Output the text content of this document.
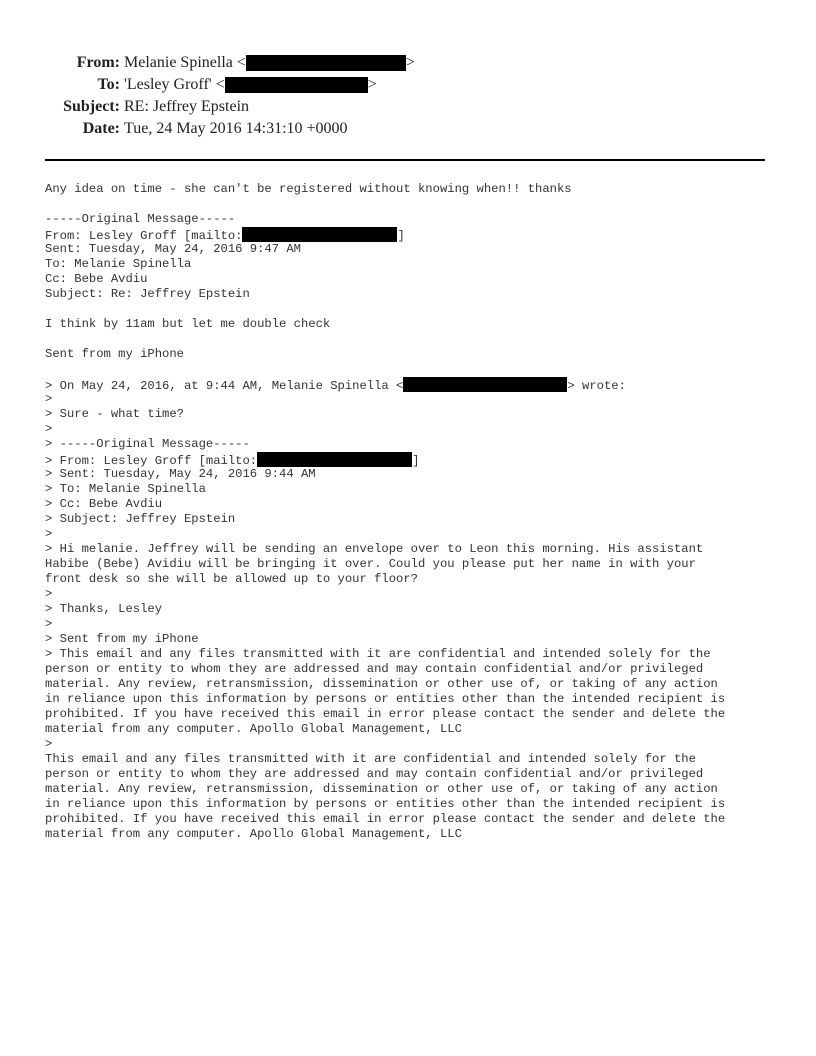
From: Melanie Spinella <	>
To: 'Lesley Groff' <	>
Subject: RE: Jeffrey Epstein
Date: Tue, 24 May 2016 14:31:10 +0000
Any idea on time - she can't be registered without knowing when!! thanks
-----Original Message-----
From: Lesley Groff [mailto:	]
Sent: Tuesday, May 24, 2016 9:47 AM
To: Melanie Spinella
Cc: Bebe Avdiu
Subject: Re: Jeffrey Epstein
I think by 11am but let me double check
Sent from my iPhone
> On May 24, 2016, at 9:44 AM, Melanie Spinella <	> wrote:
>
> Sure - what time?
>
> -----Original Message-----
> From: Lesley Groff [mailto:	]
> Sent: Tuesday, May 24, 2016 9:44 AM
> To: Melanie Spinella
> Cc: Bebe Avdiu
> Subject: Jeffrey Epstein
>
> Hi melanie. Jeffrey will be sending an envelope over to Leon this morning. His assistant
Habibe (Bebe) Avidiu will be bringing it over. Could you please put her name in with your
front desk so she will be allowed up to your floor?
>
> Thanks, Lesley
>
> Sent from my iPhone
> This email and any files transmitted with it are confidential and intended solely for the
person or entity to whom they are addressed and may contain confidential and/or privileged
material. Any review, retransmission, dissemination or other use of, or taking of any action
in reliance upon this information by persons or entities other than the intended recipient is
prohibited. If you have received this email in error please contact the sender and delete the
material from any computer. Apollo Global Management, LLC
>
This email and any files transmitted with it are confidential and intended solely for the
person or entity to whom they are addressed and may contain confidential and/or privileged
material. Any review, retransmission, dissemination or other use of, or taking of any action
in reliance upon this information by persons or entities other than the intended recipient is
prohibited. If you have received this email in error please contact the sender and delete the
material from any computer. Apollo Global Management, LLC
